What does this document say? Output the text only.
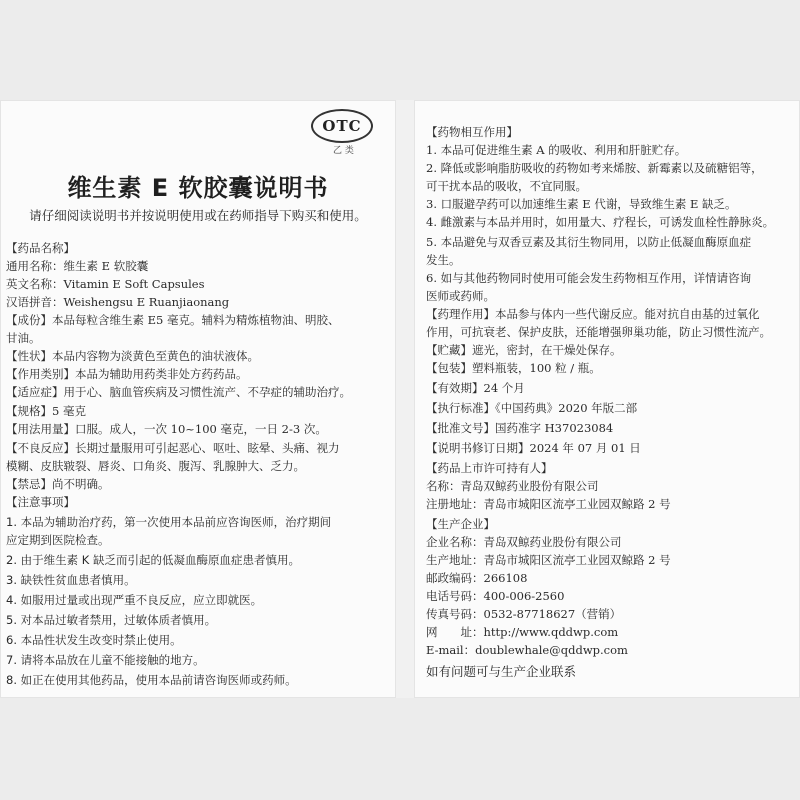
OTC
乙 类
维生素 E 软胶囊说明书
请仔细阅读说明书并按说明使用或在药师指导下购买和使用。
【药品名称】
通用名称：维生素 E 软胶囊
英文名称：Vitamin E Soft Capsules
汉语拼音：Weishengsu E Ruanjiaonang
【成份】本品每粒含维生素 E5 毫克。辅料为精炼植物油、明胶、
甘油。
【性状】本品内容物为淡黄色至黄色的油状液体。
【作用类别】本品为辅助用药类非处方药药品。
【适应症】用于心、脑血管疾病及习惯性流产、不孕症的辅助治疗。
【规格】5 毫克
【用法用量】口服。成人，一次 10~100 毫克，一日 2-3 次。
【不良反应】长期过量服用可引起恶心、呕吐、眩晕、头痛、视力
模糊、皮肤皲裂、唇炎、口角炎、腹泻、乳腺肿大、乏力。
【禁忌】尚不明确。
【注意事项】
1. 本品为辅助治疗药，第一次使用本品前应咨询医师，治疗期间
应定期到医院检查。
2. 由于维生素 K 缺乏而引起的低凝血酶原血症患者慎用。
3. 缺铁性贫血患者慎用。
4. 如服用过量或出现严重不良反应，应立即就医。
5. 对本品过敏者禁用，过敏体质者慎用。
6. 本品性状发生改变时禁止使用。
7. 请将本品放在儿童不能接触的地方。
8. 如正在使用其他药品，使用本品前请咨询医师或药师。
【药物相互作用】
1. 本品可促进维生素 A 的吸收、利用和肝脏贮存。
2. 降低或影响脂肪吸收的药物如考来烯胺、新霉素以及硫糖铝等，
可干扰本品的吸收，不宜同服。
3. 口服避孕药可以加速维生素 E 代谢，导致维生素 E 缺乏。
4. 雌激素与本品并用时，如用量大、疗程长，可诱发血栓性静脉炎。
5. 本品避免与双香豆素及其衍生物同用，以防止低凝血酶原血症
发生。
6. 如与其他药物同时使用可能会发生药物相互作用，详情请咨询
医师或药师。
【药理作用】本品参与体内一些代谢反应。能对抗自由基的过氧化
作用，可抗衰老、保护皮肤，还能增强卵巢功能，防止习惯性流产。
【贮藏】遮光，密封，在干燥处保存。
【包装】塑料瓶装，100 粒 / 瓶。
【有效期】24 个月
【执行标准】《中国药典》2020 年版二部
【批准文号】国药准字 H37023084
【说明书修订日期】2024 年 07 月 01 日
【药品上市许可持有人】
名称：青岛双鲸药业股份有限公司
注册地址：青岛市城阳区流亭工业园双鲸路 2 号
【生产企业】
企业名称：青岛双鲸药业股份有限公司
生产地址：青岛市城阳区流亭工业园双鲸路 2 号
邮政编码：266108
电话号码：400-006-2560
传真号码：0532-87718627（营销）
网　　址：http://www.qddwp.com
E-mail：doublewhale@qddwp.com
如有问题可与生产企业联系
